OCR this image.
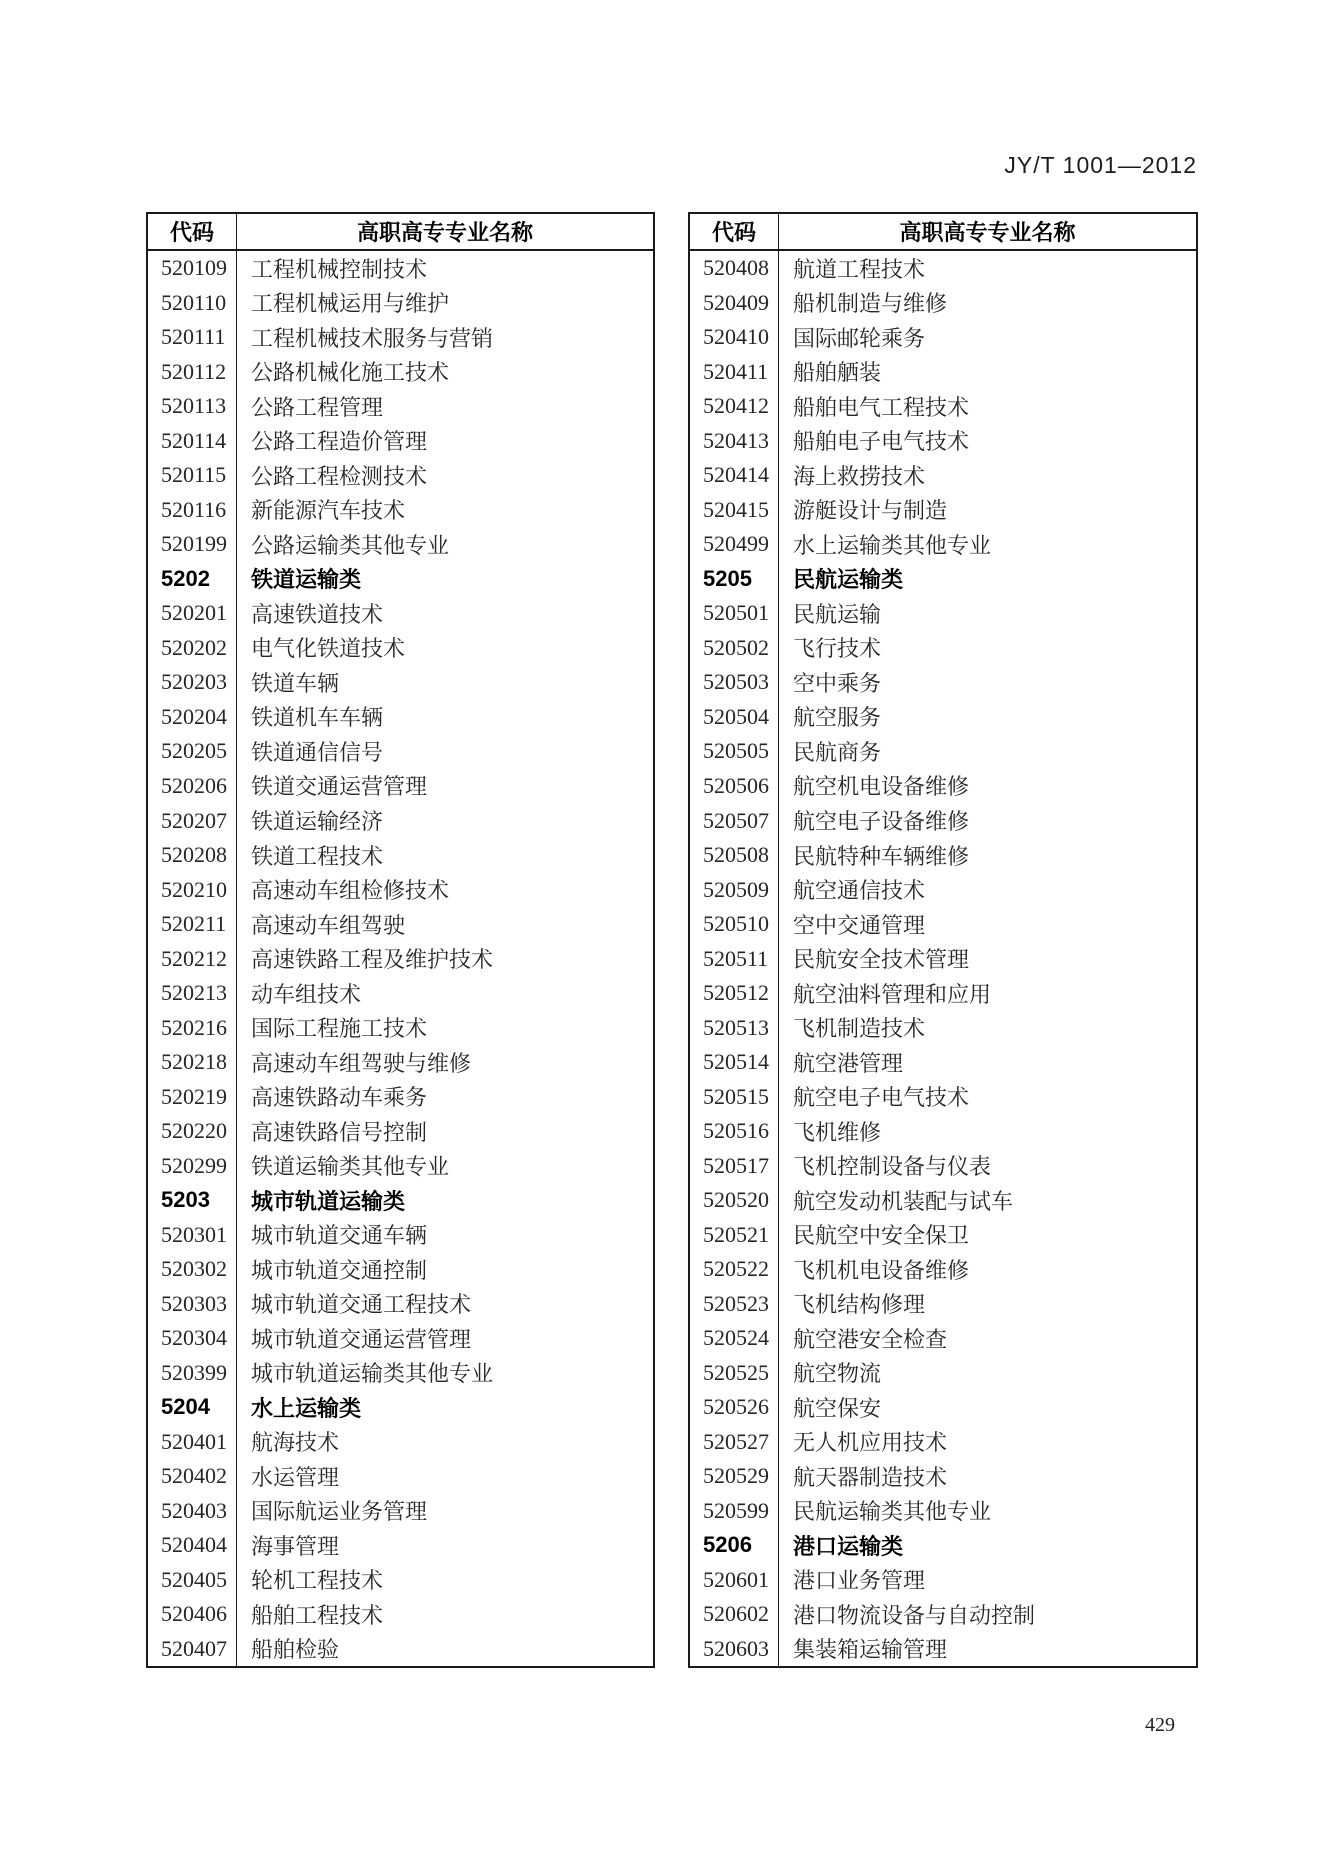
JY/T 1001—2012
代码	高职高专专业名称
520109	工程机械控制技术
520110	工程机械运用与维护
520111	工程机械技术服务与营销
520112	公路机械化施工技术
520113	公路工程管理
520114	公路工程造价管理
520115	公路工程检测技术
520116	新能源汽车技术
520199	公路运输类其他专业
5202	铁道运输类
520201	高速铁道技术
520202	电气化铁道技术
520203	铁道车辆
520204	铁道机车车辆
520205	铁道通信信号
520206	铁道交通运营管理
520207	铁道运输经济
520208	铁道工程技术
520210	高速动车组检修技术
520211	高速动车组驾驶
520212	高速铁路工程及维护技术
520213	动车组技术
520216	国际工程施工技术
520218	高速动车组驾驶与维修
520219	高速铁路动车乘务
520220	高速铁路信号控制
520299	铁道运输类其他专业
5203	城市轨道运输类
520301	城市轨道交通车辆
520302	城市轨道交通控制
520303	城市轨道交通工程技术
520304	城市轨道交通运营管理
520399	城市轨道运输类其他专业
5204	水上运输类
520401	航海技术
520402	水运管理
520403	国际航运业务管理
520404	海事管理
520405	轮机工程技术
520406	船舶工程技术
520407	船舶检验
代码	高职高专专业名称
520408	航道工程技术
520409	船机制造与维修
520410	国际邮轮乘务
520411	船舶舾装
520412	船舶电气工程技术
520413	船舶电子电气技术
520414	海上救捞技术
520415	游艇设计与制造
520499	水上运输类其他专业
5205	民航运输类
520501	民航运输
520502	飞行技术
520503	空中乘务
520504	航空服务
520505	民航商务
520506	航空机电设备维修
520507	航空电子设备维修
520508	民航特种车辆维修
520509	航空通信技术
520510	空中交通管理
520511	民航安全技术管理
520512	航空油料管理和应用
520513	飞机制造技术
520514	航空港管理
520515	航空电子电气技术
520516	飞机维修
520517	飞机控制设备与仪表
520520	航空发动机装配与试车
520521	民航空中安全保卫
520522	飞机机电设备维修
520523	飞机结构修理
520524	航空港安全检查
520525	航空物流
520526	航空保安
520527	无人机应用技术
520529	航天器制造技术
520599	民航运输类其他专业
5206	港口运输类
520601	港口业务管理
520602	港口物流设备与自动控制
520603	集装箱运输管理
429
